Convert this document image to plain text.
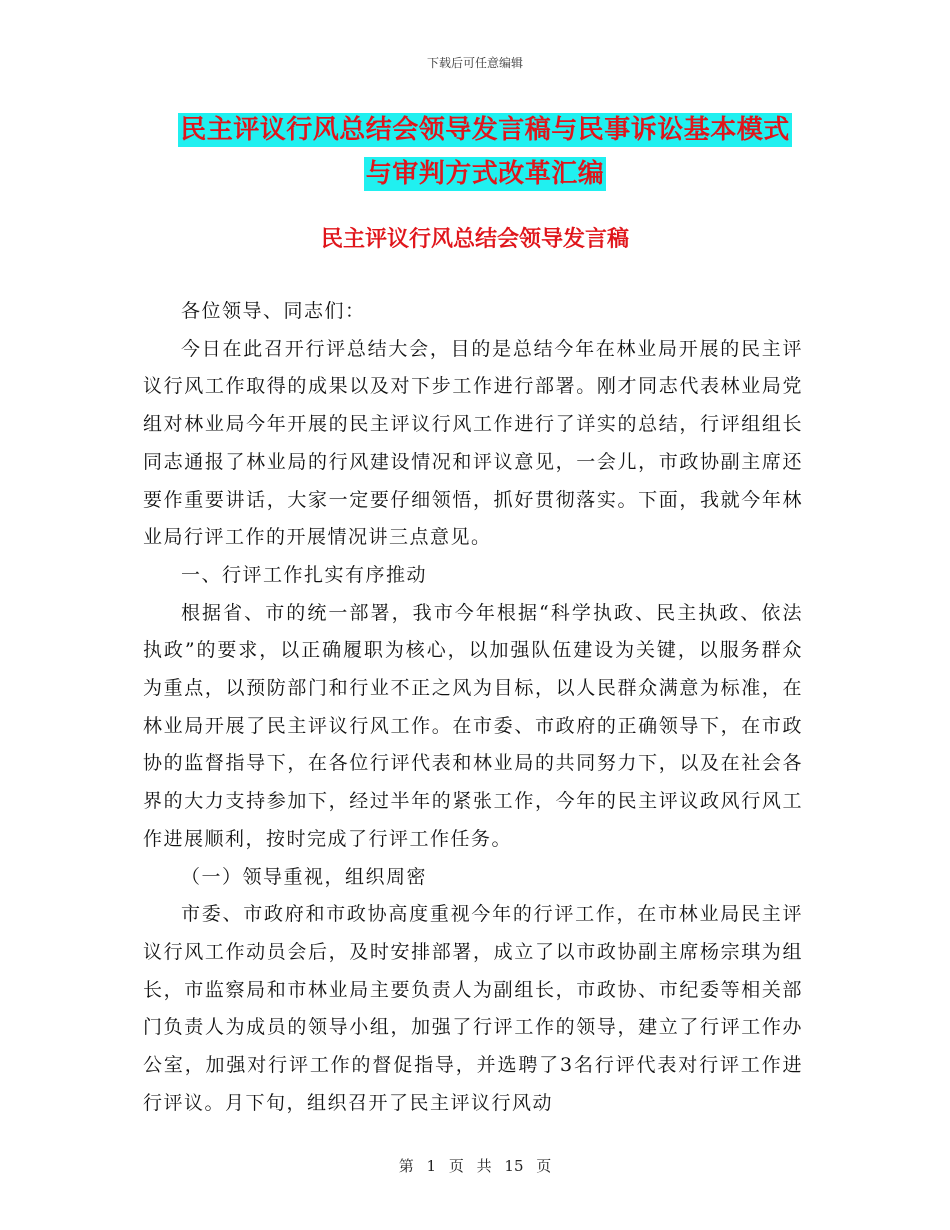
下载后可任意编辑
民主评议行风总结会领导发言稿与民事诉讼基本模式
与审判方式改革汇编
民主评议行风总结会领导发言稿

各位领导、同志们：

今日在此召开行评总结大会，目的是总结今年在林业局开展的民主评议行风工作取得的成果以及对下步工作进行部署。刚才同志代表林业局党组对林业局今年开展的民主评议行风工作进行了详实的总结，行评组组长同志通报了林业局的行风建设情况和评议意见，一会儿，市政协副主席还要作重要讲话，大家一定要仔细领悟，抓好贯彻落实。下面，我就今年林业局行评工作的开展情况讲三点意见。

一、行评工作扎实有序推动

根据省、市的统一部署，我市今年根据“科学执政、民主执政、依法执政”的要求，以正确履职为核心，以加强队伍建设为关键，以服务群众为重点，以预防部门和行业不正之风为目标，以人民群众满意为标准，在林业局开展了民主评议行风工作。在市委、市政府的正确领导下，在市政协的监督指导下，在各位行评代表和林业局的共同努力下，以及在社会各界的大力支持参加下，经过半年的紧张工作，今年的民主评议政风行风工作进展顺利，按时完成了行评工作任务。

（一）领导重视，组织周密

市委、市政府和市政协高度重视今年的行评工作，在市林业局民主评议行风工作动员会后，及时安排部署，成立了以市政协副主席杨宗琪为组长，市监察局和市林业局主要负责人为副组长，市政协、市纪委等相关部门负责人为成员的领导小组，加强了行评工作的领导，建立了行评工作办公室，加强对行评工作的督促指导，并选聘了3名行评代表对行评工作进行评议。月下旬，组织召开了民主评议行风动

第 1 页 共 15 页
